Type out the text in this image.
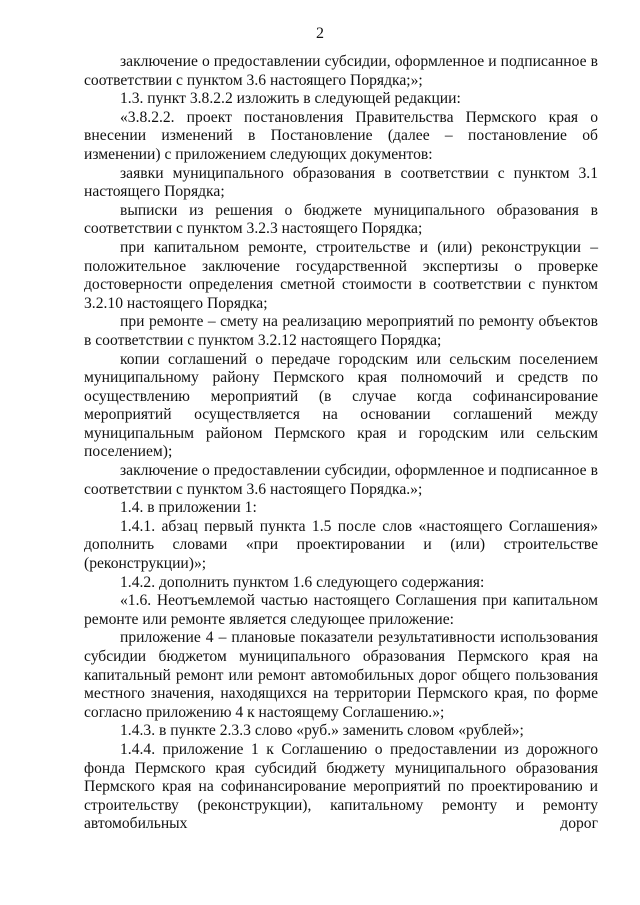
2

заключение о предоставлении субсидии, оформленное и подписанное в соответствии с пунктом 3.6 настоящего Порядка;»;

1.3. пункт 3.8.2.2 изложить в следующей редакции:

«3.8.2.2. проект постановления Правительства Пермского края о внесении изменений в Постановление (далее – постановление об изменении) с приложением следующих документов:

заявки муниципального образования в соответствии с пунктом 3.1 настоящего Порядка;

выписки из решения о бюджете муниципального образования в соответствии с пунктом 3.2.3 настоящего Порядка;

при капитальном ремонте, строительстве и (или) реконструкции – положительное заключение государственной экспертизы о проверке достоверности определения сметной стоимости в соответствии с пунктом 3.2.10 настоящего Порядка;

при ремонте – смету на реализацию мероприятий по ремонту объектов в соответствии с пунктом 3.2.12 настоящего Порядка;

копии соглашений о передаче городским или сельским поселением муниципальному району Пермского края полномочий и средств по осуществлению мероприятий (в случае когда софинансирование мероприятий осуществляется на основании соглашений между муниципальным районом Пермского края и городским или сельским поселением);

заключение о предоставлении субсидии, оформленное и подписанное в соответствии с пунктом 3.6 настоящего Порядка.»;

1.4. в приложении 1:

1.4.1. абзац первый пункта 1.5 после слов «настоящего Соглашения» дополнить словами «при проектировании и (или) строительстве (реконструкции)»;

1.4.2. дополнить пунктом 1.6 следующего содержания:

«1.6. Неотъемлемой частью настоящего Соглашения при капитальном ремонте или ремонте является следующее приложение:

приложение 4 – плановые показатели результативности использования субсидии бюджетом муниципального образования Пермского края на капитальный ремонт или ремонт автомобильных дорог общего пользования местного значения, находящихся на территории Пермского края, по форме согласно приложению 4 к настоящему Соглашению.»;

1.4.3. в пункте 2.3.3 слово «руб.» заменить словом «рублей»;

1.4.4. приложение 1 к Соглашению о предоставлении из дорожного фонда Пермского края субсидий бюджету муниципального образования Пермского края на софинансирование мероприятий по проектированию и строительству (реконструкции), капитальному ремонту и ремонту автомобильных дорог
